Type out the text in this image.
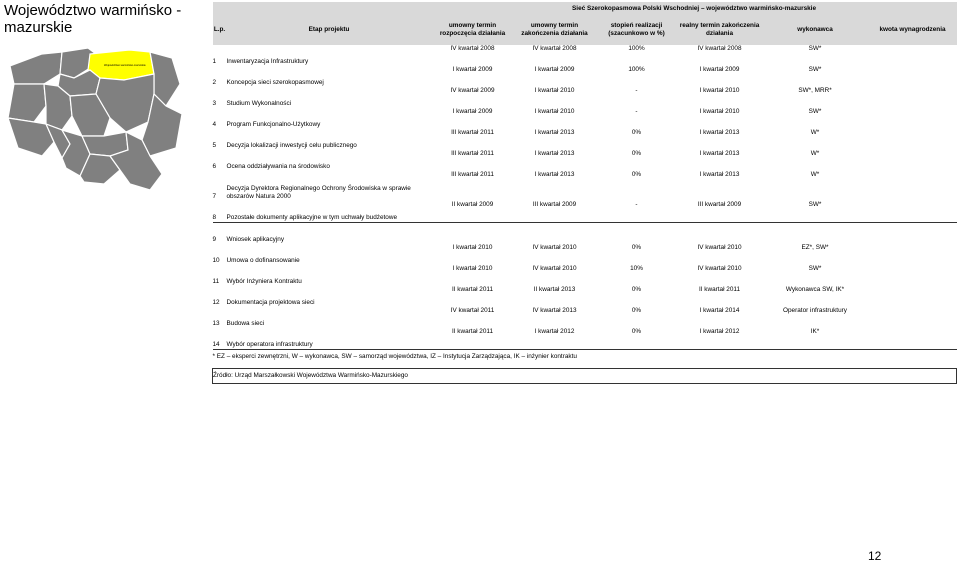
Województwo warmińsko - mazurskie
Województwo warmińsko-mazurskie
		Sieć Szerokopasmowa Polski Wschodniej – województwo warmińsko-mazurskie					
L.p.	Etap projektu	umowny termin rozpoczęcia działania	umowny termin zakończenia działania	stopień realizacji (szacunkowo w %)	realny termin zakończenia działania	wykonawca	kwota wynagrodzenia
1	Inwentaryzacja Infrastruktury	IV kwartał 2008	IV kwartał 2008	100%	IV kwartał 2008	SW*	
2	Koncepcja sieci szerokopasmowej	I kwartał 2009	I kwartał 2009	100%	I kwartał 2009	SW*	
3	Studium Wykonalności	IV kwartał 2009	I kwartał 2010	-	I kwartał 2010	SW*, MRR*	
4	Program Funkcjonalno-Użytkowy	I kwartał 2009	I kwartał 2010	-	I kwartał 2010	SW*	
5	Decyzja lokalizacji inwestycji celu publicznego	III kwartał 2011	I kwartał 2013	0%	I kwartał 2013	W*	
6	Ocena oddziaływania na środowisko	III kwartał 2011	I kwartał 2013	0%	I kwartał 2013	W*	
7	Decyzja Dyrektora Regionalnego Ochrony Środowiska w sprawie obszarów Natura 2000	III kwartał 2011	I kwartał 2013	0%	I kwartał 2013	W*	
8	Pozostałe dokumenty aplikacyjne w tym uchwały budżetowe	II kwartał 2009	III kwartał 2009	-	III kwartał 2009	SW*	
9	Wniosek aplikacyjny						
10	Umowa o dofinansowanie	I kwartał 2010	IV kwartał 2010	0%	IV kwartał 2010	EZ*, SW*	
11	Wybór Inżyniera Kontraktu	I kwartał 2010	IV kwartał 2010	10%	IV kwartał 2010	SW*	
12	Dokumentacja projektowa sieci	II kwartał 2011	II kwartał 2013	0%	II kwartał 2011	Wykonawca SW, IK*	
13	Budowa sieci	IV kwartał 2011	IV kwartał 2013	0%	I kwartał 2014	Operator infrastruktury	
14	Wybór operatora infrastruktury	II kwartał 2011	I kwartał 2012	0%	I kwartał 2012	IK*	
* EZ – eksperci zewnętrzni, W – wykonawca, SW – samorząd województwa, IZ – Instytucja Zarządzająca, IK – inżynier kontraktu							

Źródło: Urząd Marszałkowski Województwa Warmińsko-Mazurskiego							
12
